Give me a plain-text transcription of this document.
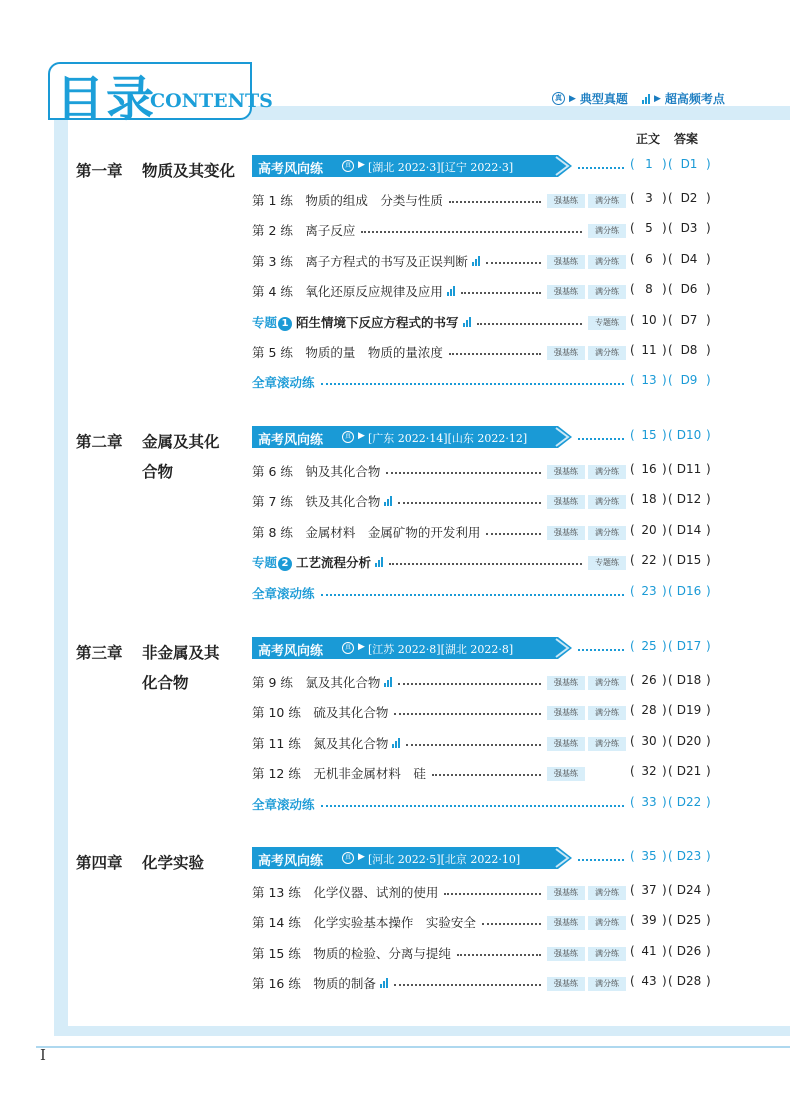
I
目录
CONTENTS	真 ▶ 典型真题	▶ 超高频考点
正文 答案
第一章 物质及其变化 高考风向练	真 ▶ [湖北 2022·3][辽宁 2022·3]	( 1 ) ( D1 )
第 1 练　物质的组成　分类与性质	强基练	满分练 ( 3 ) ( D2 )
第 2 练　离子反应	满分练 ( 5 ) ( D3 )
第 3 练　离子方程式的书写及正误判断	强基练	满分练 ( 6 ) ( D4 )
第 4 练　氧化还原反应规律及应用	强基练	满分练 ( 8 ) ( D6 )
专题 1 陌生情境下反应方程式的书写	专题练 ( 10 ) ( D7 )
第 5 练　物质的量　物质的量浓度	强基练	满分练 ( 11 ) ( D8 )
全章滚动练	( 13 ) ( D9 )
第二章 金属及其化
合物
高考风向练	真 ▶ [广东 2022·14][山东 2022·12]	( 15 ) ( D10 )
第 6 练　钠及其化合物	强基练	满分练 ( 16 ) ( D11 )
第 7 练　铁及其化合物	强基练	满分练 ( 18 ) ( D12 )
第 8 练　金属材料　金属矿物的开发利用	强基练	满分练 ( 20 ) ( D14 )
专题 2 工艺流程分析	专题练 ( 22 ) ( D15 )
全章滚动练	( 23 ) ( D16 )
第三章 非金属及其
化合物
高考风向练	真 ▶ [江苏 2022·8][湖北 2022·8]	( 25 ) ( D17 )
第 9 练　氯及其化合物	强基练	满分练 ( 26 ) ( D18 )
第 10 练　硫及其化合物	强基练	满分练 ( 28 ) ( D19 )
第 11 练　氮及其化合物	强基练	满分练 ( 30 ) ( D20 )
第 12 练　无机非金属材料　硅	强基练	( 32 ) ( D21 )
全章滚动练	( 33 ) ( D22 )
第四章 化学实验	高考风向练	真 ▶ [河北 2022·5][北京 2022·10]	( 35 ) ( D23 )
第 13 练　化学仪器、试剂的使用	强基练	满分练 ( 37 ) ( D24 )
第 14 练　化学实验基本操作　实验安全	强基练	满分练 ( 39 ) ( D25 )
第 15 练　物质的检验、分离与提纯	强基练	满分练 ( 41 ) ( D26 )
第 16 练　物质的制备	强基练	满分练 ( 43 ) ( D28 )
